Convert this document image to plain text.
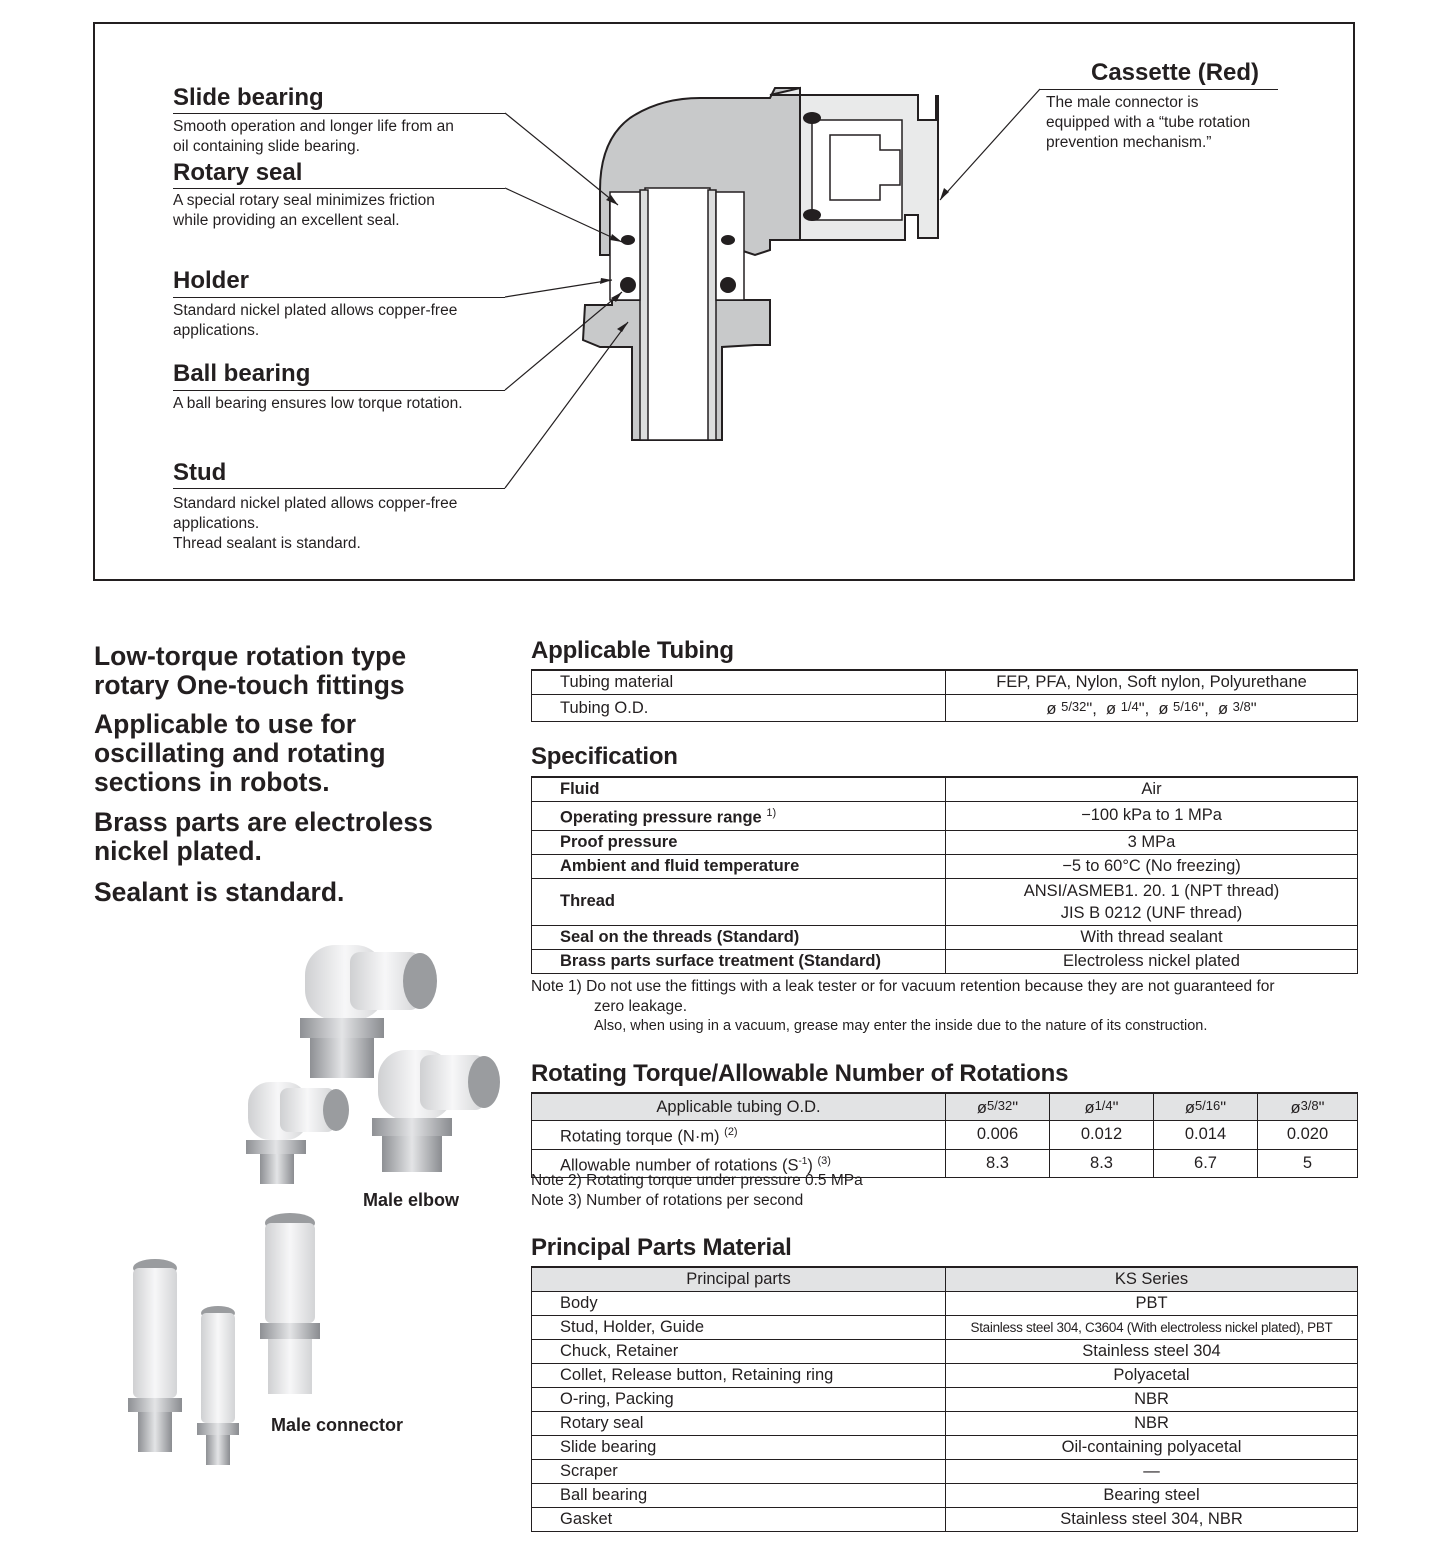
Slide bearing
Smooth operation and longer life from an
oil containing slide bearing.
Rotary seal
A special rotary seal minimizes friction
while providing an excellent seal.
Holder
Standard nickel plated allows copper-free
applications.
Ball bearing
A ball bearing ensures low torque rotation.
Stud
Standard nickel plated allows copper-free
applications.
Thread sealant is standard.
Cassette (Red)
The male connector is
equipped with a “tube rotation
prevention mechanism.”
Low-torque rotation type
rotary One-touch fittings
Applicable to use for
oscillating and rotating
sections in robots.
Brass parts are electroless
nickel plated.
Sealant is standard.
Male elbow
Male connector
Applicable Tubing
Tubing material	FEP, PFA, Nylon, Soft nylon, Polyurethane
Tubing O.D.	ø 5/32",  ø 1/4",  ø 5/16",  ø 3/8"
Specification
Fluid	Air
Operating pressure range $^{1)}$	−100 kPa to 1 MPa
Proof pressure	3 MPa
Ambient and fluid temperature	−5 to 60°C (No freezing)
Thread	ANSI/ASMEB1. 20. 1 (NPT thread)
JIS B 0212 (UNF thread)

Seal on the threads (Standard)	With thread sealant
Brass parts surface treatment (Standard)	Electroless nickel plated
Note 1) Do not use the fittings with a leak tester or for vacuum retention because they are not guaranteed for
zero leakage.
Also, when using in a vacuum, grease may enter the inside due to the nature of its construction.
Rotating Torque/Allowable Number of Rotations
Applicable tubing O.D.	ø5/32"	ø1/4"	ø5/16"	ø3/8"
Rotating torque (N·m) $^{(2)}$	0.006	0.012	0.014	0.020
Allowable number of rotations $(S^{-1})$ $^{(3)}$	8.3	8.3	6.7	5
Note 2) Rotating torque under pressure 0.5 MPa
Note 3) Number of rotations per second
Principal Parts Material
Principal parts	KS Series
Body	PBT
Stud, Holder, Guide	Stainless steel 304, C3604 (With electroless nickel plated), PBT
Chuck, Retainer	Stainless steel 304
Collet, Release button, Retaining ring	Polyacetal
O-ring, Packing	NBR
Rotary seal	NBR
Slide bearing	Oil-containing polyacetal
Scraper	—
Ball bearing	Bearing steel
Gasket	Stainless steel 304, NBR
